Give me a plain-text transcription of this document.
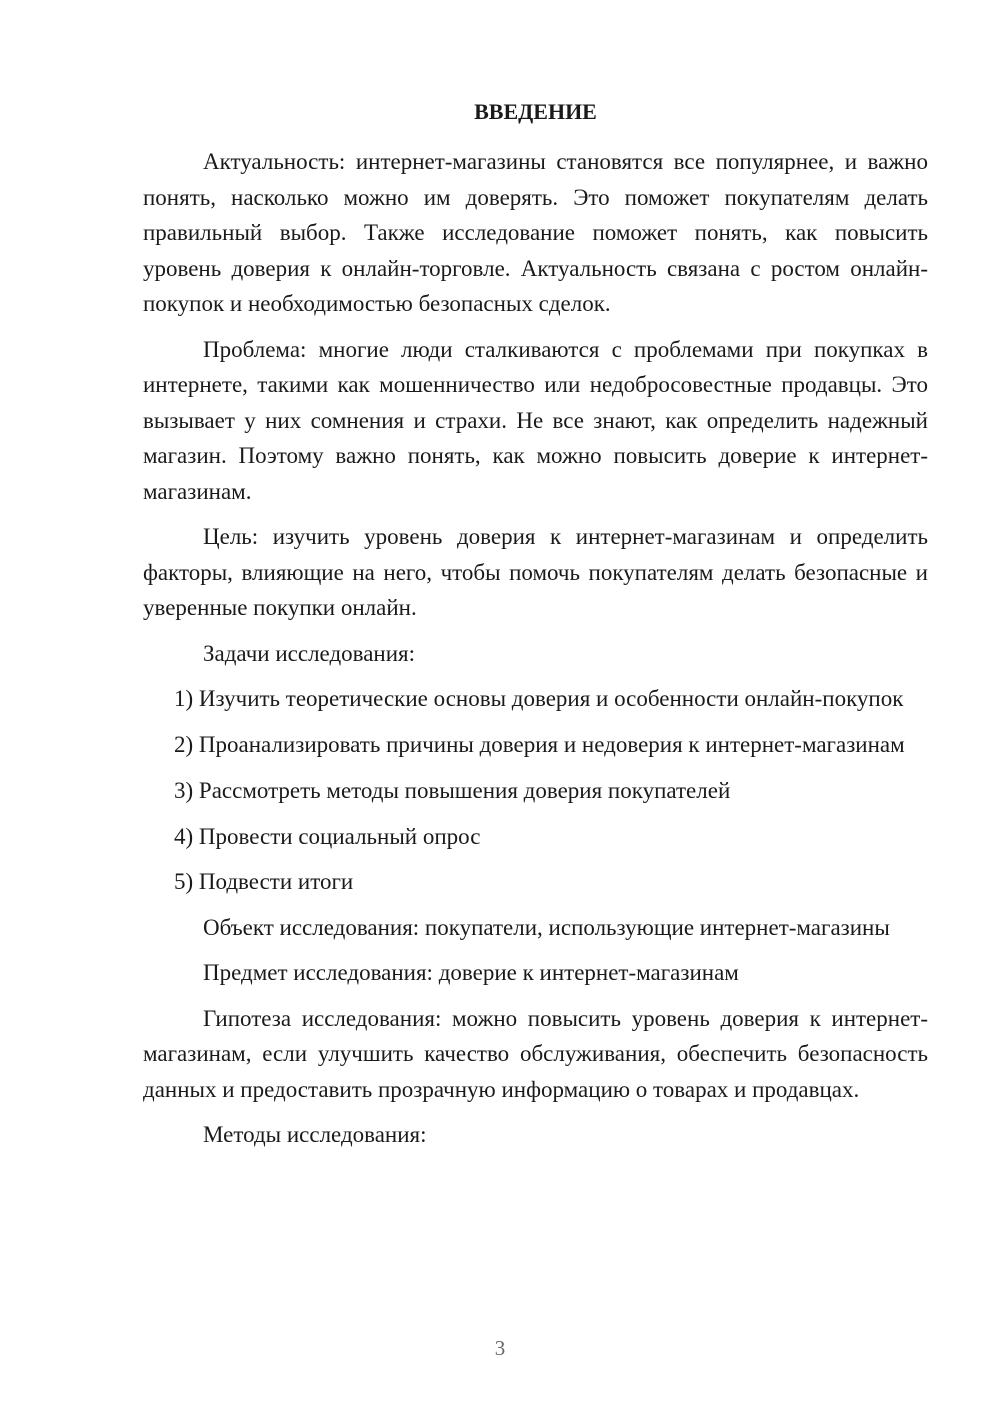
ВВЕДЕНИЕ

Актуальность: интернет-магазины становятся все популярнее, и важно понять, насколько можно им доверять. Это поможет покупателям делать правильный выбор. Также исследование поможет понять, как повысить уровень доверия к онлайн-торговле. Актуальность связана с ростом онлайн-покупок и необходимостью безопасных сделок.

Проблема: многие люди сталкиваются с проблемами при покупках в интернете, такими как мошенничество или недобросовестные продавцы. Это вызывает у них сомнения и страхи. Не все знают, как определить надежный магазин. Поэтому важно понять, как можно повысить доверие к интернет-магазинам.

Цель: изучить уровень доверия к интернет-магазинам и определить факторы, влияющие на него, чтобы помочь покупателям делать безопасные и уверенные покупки онлайн.

Задачи исследования:

1) Изучить теоретические основы доверия и особенности онлайн-покупок

2) Проанализировать причины доверия и недоверия к интернет-магазинам

3) Рассмотреть методы повышения доверия покупателей

4) Провести социальный опрос

5) Подвести итоги

Объект исследования: покупатели, использующие интернет-магазины

Предмет исследования: доверие к интернет-магазинам

Гипотеза исследования: можно повысить уровень доверия к интернет-магазинам, если улучшить качество обслуживания, обеспечить безопасность данных и предоставить прозрачную информацию о товарах и продавцах.

Методы исследования:

3
